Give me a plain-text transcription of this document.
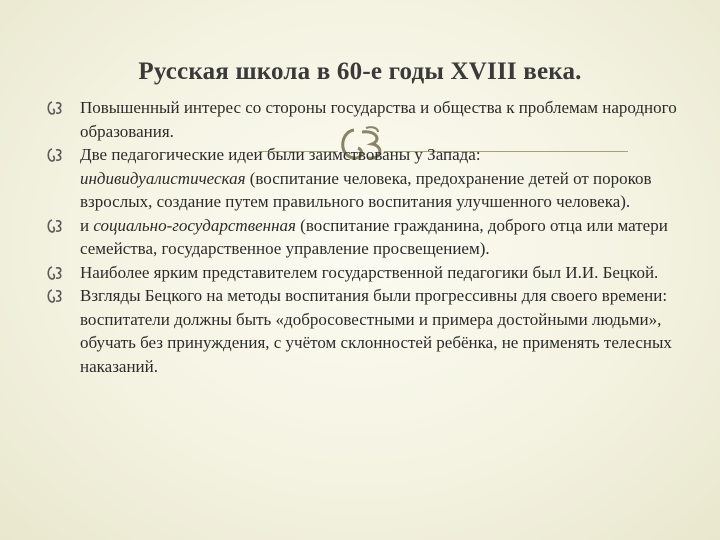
Русская школа в 60-е годы XVIII века.
Повышенный интерес со стороны государства и общества к проблемам народного образования.
Две педагогические идеи были заимствованы у Запада:
индивидуалистическая (воспитание человека, предохранение детей от пороков взрослых, создание путем правильного воспитания улучшенного человека).
и социально-государственная (воспитание гражданина, доброго отца или матери семейства, государственное управление просвещением).
Наиболее ярким представителем государственной педагогики был И.И. Бецкой.
Взгляды Бецкого на методы воспитания были прогрессивны для своего времени: воспитатели должны быть «добросовестными и примера достойными людьми», обучать без принуждения, с учётом склонностей ребёнка, не применять телесных наказаний.
